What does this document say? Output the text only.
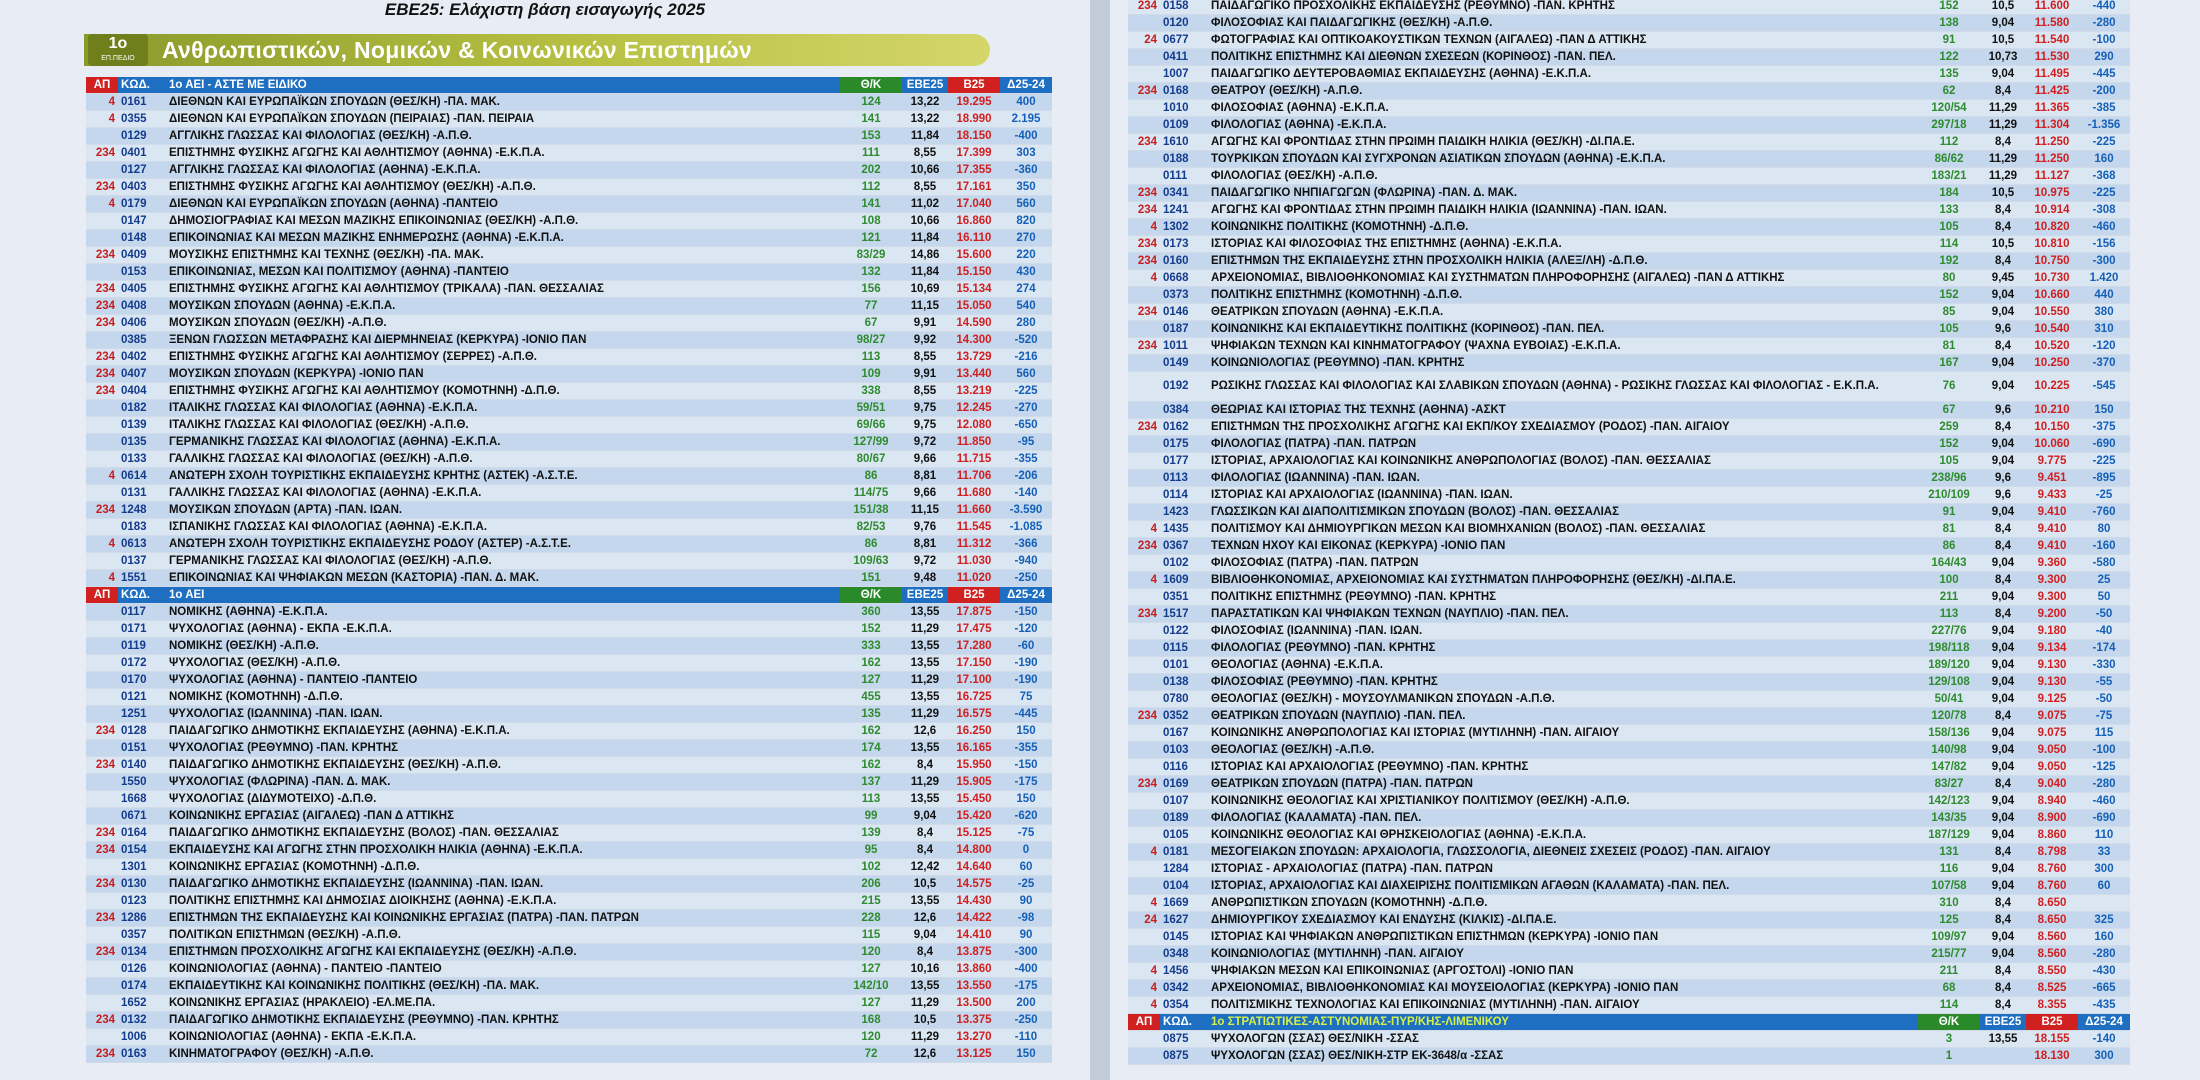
ΕΒΕ25: Ελάχιστη βάση εισαγωγής 2025
Ανθρωπιστικών, Νομικών & Κοινωνικών Επιστημών
1ο
ΕΠ.ΠΕΔΙΟ
ΑΠ	ΚΩΔ.	1ο ΑΕΙ - ΑΣΤΕ ΜΕ ΕΙΔΙΚΟ	Θ/Κ	ΕΒΕ25	Β25	Δ25-24
4	0161	ΔΙΕΘΝΩΝ ΚΑΙ ΕΥΡΩΠΑΪΚΩΝ ΣΠΟΥΔΩΝ (ΘΕΣ/ΚΗ) -ΠΑ. ΜΑΚ.	124	13,22	19.295	400
4	0355	ΔΙΕΘΝΩΝ ΚΑΙ ΕΥΡΩΠΑΪΚΩΝ ΣΠΟΥΔΩΝ (ΠΕΙΡΑΙΑΣ) -ΠΑΝ. ΠΕΙΡΑΙΑ	141	13,22	18.990	2.195
	0129	ΑΓΓΛΙΚΗΣ ΓΛΩΣΣΑΣ ΚΑΙ ΦΙΛΟΛΟΓΙΑΣ (ΘΕΣ/ΚΗ) -Α.Π.Θ.	153	11,84	18.150	-400
234	0401	ΕΠΙΣΤΗΜΗΣ ΦΥΣΙΚΗΣ ΑΓΩΓΗΣ ΚΑΙ ΑΘΛΗΤΙΣΜΟΥ (ΑΘΗΝΑ) -Ε.Κ.Π.Α.	111	8,55	17.399	303
	0127	ΑΓΓΛΙΚΗΣ ΓΛΩΣΣΑΣ ΚΑΙ ΦΙΛΟΛΟΓΙΑΣ (ΑΘΗΝΑ) -Ε.Κ.Π.Α.	202	10,66	17.355	-360
234	0403	ΕΠΙΣΤΗΜΗΣ ΦΥΣΙΚΗΣ ΑΓΩΓΗΣ ΚΑΙ ΑΘΛΗΤΙΣΜΟΥ (ΘΕΣ/ΚΗ) -Α.Π.Θ.	112	8,55	17.161	350
4	0179	ΔΙΕΘΝΩΝ ΚΑΙ ΕΥΡΩΠΑΪΚΩΝ ΣΠΟΥΔΩΝ (ΑΘΗΝΑ) -ΠΑΝΤΕΙΟ	141	11,02	17.040	560
	0147	ΔΗΜΟΣΙΟΓΡΑΦΙΑΣ ΚΑΙ ΜΕΣΩΝ ΜΑΖΙΚΗΣ ΕΠΙΚΟΙΝΩΝΙΑΣ (ΘΕΣ/ΚΗ) -Α.Π.Θ.	108	10,66	16.860	820
	0148	ΕΠΙΚΟΙΝΩΝΙΑΣ ΚΑΙ ΜΕΣΩΝ ΜΑΖΙΚΗΣ ΕΝΗΜΕΡΩΣΗΣ (ΑΘΗΝΑ) -Ε.Κ.Π.Α.	121	11,84	16.110	270
234	0409	ΜΟΥΣΙΚΗΣ ΕΠΙΣΤΗΜΗΣ ΚΑΙ ΤΕΧΝΗΣ (ΘΕΣ/ΚΗ) -ΠΑ. ΜΑΚ.	83/29	14,86	15.600	220
	0153	ΕΠΙΚΟΙΝΩΝΙΑΣ, ΜΕΣΩΝ ΚΑΙ ΠΟΛΙΤΙΣΜΟΥ (ΑΘΗΝΑ) -ΠΑΝΤΕΙΟ	132	11,84	15.150	430
234	0405	ΕΠΙΣΤΗΜΗΣ ΦΥΣΙΚΗΣ ΑΓΩΓΗΣ ΚΑΙ ΑΘΛΗΤΙΣΜΟΥ (ΤΡΙΚΑΛΑ) -ΠΑΝ. ΘΕΣΣΑΛΙΑΣ	156	10,69	15.134	274
234	0408	ΜΟΥΣΙΚΩΝ ΣΠΟΥΔΩΝ (ΑΘΗΝΑ) -Ε.Κ.Π.Α.	77	11,15	15.050	540
234	0406	ΜΟΥΣΙΚΩΝ ΣΠΟΥΔΩΝ (ΘΕΣ/ΚΗ) -Α.Π.Θ.	67	9,91	14.590	280
	0385	ΞΕΝΩΝ ΓΛΩΣΣΩΝ ΜΕΤΑΦΡΑΣΗΣ ΚΑΙ ΔΙΕΡΜΗΝΕΙΑΣ (ΚΕΡΚΥΡΑ) -ΙΟΝΙΟ ΠΑΝ	98/27	9,92	14.300	-520
234	0402	ΕΠΙΣΤΗΜΗΣ ΦΥΣΙΚΗΣ ΑΓΩΓΗΣ ΚΑΙ ΑΘΛΗΤΙΣΜΟΥ (ΣΕΡΡΕΣ) -Α.Π.Θ.	113	8,55	13.729	-216
234	0407	ΜΟΥΣΙΚΩΝ ΣΠΟΥΔΩΝ (ΚΕΡΚΥΡΑ) -ΙΟΝΙΟ ΠΑΝ	109	9,91	13.440	560
234	0404	ΕΠΙΣΤΗΜΗΣ ΦΥΣΙΚΗΣ ΑΓΩΓΗΣ ΚΑΙ ΑΘΛΗΤΙΣΜΟΥ (ΚΟΜΟΤΗΝΗ) -Δ.Π.Θ.	338	8,55	13.219	-225
	0182	ΙΤΑΛΙΚΗΣ ΓΛΩΣΣΑΣ ΚΑΙ ΦΙΛΟΛΟΓΙΑΣ (ΑΘΗΝΑ) -Ε.Κ.Π.Α.	59/51	9,75	12.245	-270
	0139	ΙΤΑΛΙΚΗΣ ΓΛΩΣΣΑΣ ΚΑΙ ΦΙΛΟΛΟΓΙΑΣ (ΘΕΣ/ΚΗ) -Α.Π.Θ.	69/66	9,75	12.080	-650
	0135	ΓΕΡΜΑΝΙΚΗΣ ΓΛΩΣΣΑΣ ΚΑΙ ΦΙΛΟΛΟΓΙΑΣ (ΑΘΗΝΑ) -Ε.Κ.Π.Α.	127/99	9,72	11.850	-95
	0133	ΓΑΛΛΙΚΗΣ ΓΛΩΣΣΑΣ ΚΑΙ ΦΙΛΟΛΟΓΙΑΣ (ΘΕΣ/ΚΗ) -Α.Π.Θ.	80/67	9,66	11.715	-355
4	0614	ΑΝΩΤΕΡΗ ΣΧΟΛΗ ΤΟΥΡΙΣΤΙΚΗΣ ΕΚΠΑΙΔΕΥΣΗΣ ΚΡΗΤΗΣ (ΑΣΤΕΚ) -Α.Σ.Τ.Ε.	86	8,81	11.706	-206
	0131	ΓΑΛΛΙΚΗΣ ΓΛΩΣΣΑΣ ΚΑΙ ΦΙΛΟΛΟΓΙΑΣ (ΑΘΗΝΑ) -Ε.Κ.Π.Α.	114/75	9,66	11.680	-140
234	1248	ΜΟΥΣΙΚΩΝ ΣΠΟΥΔΩΝ (ΑΡΤΑ) -ΠΑΝ. ΙΩΑΝ.	151/38	11,15	11.660	-3.590
	0183	ΙΣΠΑΝΙΚΗΣ ΓΛΩΣΣΑΣ ΚΑΙ ΦΙΛΟΛΟΓΙΑΣ (ΑΘΗΝΑ) -Ε.Κ.Π.Α.	82/53	9,76	11.545	-1.085
4	0613	ΑΝΩΤΕΡΗ ΣΧΟΛΗ ΤΟΥΡΙΣΤΙΚΗΣ ΕΚΠΑΙΔΕΥΣΗΣ ΡΟΔΟΥ (ΑΣΤΕΡ) -Α.Σ.Τ.Ε.	86	8,81	11.312	-366
	0137	ΓΕΡΜΑΝΙΚΗΣ ΓΛΩΣΣΑΣ ΚΑΙ ΦΙΛΟΛΟΓΙΑΣ (ΘΕΣ/ΚΗ) -Α.Π.Θ.	109/63	9,72	11.030	-940
4	1551	ΕΠΙΚΟΙΝΩΝΙΑΣ ΚΑΙ ΨΗΦΙΑΚΩΝ ΜΕΣΩΝ (ΚΑΣΤΟΡΙΑ) -ΠΑΝ. Δ. ΜΑΚ.	151	9,48	11.020	-250
ΑΠ	ΚΩΔ.	1ο ΑΕΙ	Θ/Κ	ΕΒΕ25	Β25	Δ25-24
	0117	ΝΟΜΙΚΗΣ (ΑΘΗΝΑ) -Ε.Κ.Π.Α.	360	13,55	17.875	-150
	0171	ΨΥΧΟΛΟΓΙΑΣ (ΑΘΗΝΑ) - ΕΚΠΑ -Ε.Κ.Π.Α.	152	11,29	17.475	-120
	0119	ΝΟΜΙΚΗΣ (ΘΕΣ/ΚΗ) -Α.Π.Θ.	333	13,55	17.280	-60
	0172	ΨΥΧΟΛΟΓΙΑΣ (ΘΕΣ/ΚΗ) -Α.Π.Θ.	162	13,55	17.150	-190
	0170	ΨΥΧΟΛΟΓΙΑΣ (ΑΘΗΝΑ) - ΠΑΝΤΕΙΟ -ΠΑΝΤΕΙΟ	127	11,29	17.100	-190
	0121	ΝΟΜΙΚΗΣ (ΚΟΜΟΤΗΝΗ) -Δ.Π.Θ.	455	13,55	16.725	75
	1251	ΨΥΧΟΛΟΓΙΑΣ (ΙΩΑΝΝΙΝΑ) -ΠΑΝ. ΙΩΑΝ.	135	11,29	16.575	-445
234	0128	ΠΑΙΔΑΓΩΓΙΚΟ ΔΗΜΟΤΙΚΗΣ ΕΚΠΑΙΔΕΥΣΗΣ (ΑΘΗΝΑ) -Ε.Κ.Π.Α.	162	12,6	16.250	150
	0151	ΨΥΧΟΛΟΓΙΑΣ (ΡΕΘΥΜΝΟ) -ΠΑΝ. ΚΡΗΤΗΣ	174	13,55	16.165	-355
234	0140	ΠΑΙΔΑΓΩΓΙΚΟ ΔΗΜΟΤΙΚΗΣ ΕΚΠΑΙΔΕΥΣΗΣ (ΘΕΣ/ΚΗ) -Α.Π.Θ.	162	8,4	15.950	-150
	1550	ΨΥΧΟΛΟΓΙΑΣ (ΦΛΩΡΙΝΑ) -ΠΑΝ. Δ. ΜΑΚ.	137	11,29	15.905	-175
	1668	ΨΥΧΟΛΟΓΙΑΣ (ΔΙΔΥΜΟΤΕΙΧΟ) -Δ.Π.Θ.	113	13,55	15.450	150
	0671	ΚΟΙΝΩΝΙΚΗΣ ΕΡΓΑΣΙΑΣ (ΑΙΓΑΛΕΩ) -ΠΑΝ Δ ΑΤΤΙΚΗΣ	99	9,04	15.420	-620
234	0164	ΠΑΙΔΑΓΩΓΙΚΟ ΔΗΜΟΤΙΚΗΣ ΕΚΠΑΙΔΕΥΣΗΣ (ΒΟΛΟΣ) -ΠΑΝ. ΘΕΣΣΑΛΙΑΣ	139	8,4	15.125	-75
234	0154	ΕΚΠΑΙΔΕΥΣΗΣ ΚΑΙ ΑΓΩΓΗΣ ΣΤΗΝ ΠΡΟΣΧΟΛΙΚΗ ΗΛΙΚΙΑ (ΑΘΗΝΑ) -Ε.Κ.Π.Α.	95	8,4	14.800	0
	1301	ΚΟΙΝΩΝΙΚΗΣ ΕΡΓΑΣΙΑΣ (ΚΟΜΟΤΗΝΗ) -Δ.Π.Θ.	102	12,42	14.640	60
234	0130	ΠΑΙΔΑΓΩΓΙΚΟ ΔΗΜΟΤΙΚΗΣ ΕΚΠΑΙΔΕΥΣΗΣ (ΙΩΑΝΝΙΝΑ) -ΠΑΝ. ΙΩΑΝ.	206	10,5	14.575	-25
	0123	ΠΟΛΙΤΙΚΗΣ ΕΠΙΣΤΗΜΗΣ ΚΑΙ ΔΗΜΟΣΙΑΣ ΔΙΟΙΚΗΣΗΣ (ΑΘΗΝΑ) -Ε.Κ.Π.Α.	215	13,55	14.430	90
234	1286	ΕΠΙΣΤΗΜΩΝ ΤΗΣ ΕΚΠΑΙΔΕΥΣΗΣ ΚΑΙ ΚΟΙΝΩΝΙΚΗΣ ΕΡΓΑΣΙΑΣ (ΠΑΤΡΑ) -ΠΑΝ. ΠΑΤΡΩΝ	228	12,6	14.422	-98
	0357	ΠΟΛΙΤΙΚΩΝ ΕΠΙΣΤΗΜΩΝ (ΘΕΣ/ΚΗ) -Α.Π.Θ.	115	9,04	14.410	90
234	0134	ΕΠΙΣΤΗΜΩΝ ΠΡΟΣΧΟΛΙΚΗΣ ΑΓΩΓΗΣ ΚΑΙ ΕΚΠΑΙΔΕΥΣΗΣ (ΘΕΣ/ΚΗ) -Α.Π.Θ.	120	8,4	13.875	-300
	0126	ΚΟΙΝΩΝΙΟΛΟΓΙΑΣ (ΑΘΗΝΑ) - ΠΑΝΤΕΙΟ -ΠΑΝΤΕΙΟ	127	10,16	13.860	-400
	0174	ΕΚΠΑΙΔΕΥΤΙΚΗΣ ΚΑΙ ΚΟΙΝΩΝΙΚΗΣ ΠΟΛΙΤΙΚΗΣ (ΘΕΣ/ΚΗ) -ΠΑ. ΜΑΚ.	142/10	13,55	13.550	-175
	1652	ΚΟΙΝΩΝΙΚΗΣ ΕΡΓΑΣΙΑΣ (ΗΡΑΚΛΕΙΟ) -ΕΛ.ΜΕ.ΠΑ.	127	11,29	13.500	200
234	0132	ΠΑΙΔΑΓΩΓΙΚΟ ΔΗΜΟΤΙΚΗΣ ΕΚΠΑΙΔΕΥΣΗΣ (ΡΕΘΥΜΝΟ) -ΠΑΝ. ΚΡΗΤΗΣ	168	10,5	13.375	-250
	1006	ΚΟΙΝΩΝΙΟΛΟΓΙΑΣ (ΑΘΗΝΑ) - ΕΚΠΑ -Ε.Κ.Π.Α.	120	11,29	13.270	-110
234	0163	ΚΙΝΗΜΑΤΟΓΡΑΦΟΥ (ΘΕΣ/ΚΗ) -Α.Π.Θ.	72	12,6	13.125	150
234	0158	ΠΑΙΔΑΓΩΓΙΚΟ ΠΡΟΣΧΟΛΙΚΗΣ ΕΚΠΑΙΔΕΥΣΗΣ (ΡΕΘΥΜΝΟ) -ΠΑΝ. ΚΡΗΤΗΣ	152	10,5	11.600	-440
	0120	ΦΙΛΟΣΟΦΙΑΣ ΚΑΙ ΠΑΙΔΑΓΩΓΙΚΗΣ (ΘΕΣ/ΚΗ) -Α.Π.Θ.	138	9,04	11.580	-280
24	0677	ΦΩΤΟΓΡΑΦΙΑΣ ΚΑΙ ΟΠΤΙΚΟΑΚΟΥΣΤΙΚΩΝ ΤΕΧΝΩΝ (ΑΙΓΑΛΕΩ) -ΠΑΝ Δ ΑΤΤΙΚΗΣ	91	10,5	11.540	-100
	0411	ΠΟΛΙΤΙΚΗΣ ΕΠΙΣΤΗΜΗΣ ΚΑΙ ΔΙΕΘΝΩΝ ΣΧΕΣΕΩΝ (ΚΟΡΙΝΘΟΣ) -ΠΑΝ. ΠΕΛ.	122	10,73	11.530	290
	1007	ΠΑΙΔΑΓΩΓΙΚΟ ΔΕΥΤΕΡΟΒΑΘΜΙΑΣ ΕΚΠΑΙΔΕΥΣΗΣ (ΑΘΗΝΑ) -Ε.Κ.Π.Α.	135	9,04	11.495	-445
234	0168	ΘΕΑΤΡΟΥ (ΘΕΣ/ΚΗ) -Α.Π.Θ.	62	8,4	11.425	-200
	1010	ΦΙΛΟΣΟΦΙΑΣ (ΑΘΗΝΑ) -Ε.Κ.Π.Α.	120/54	11,29	11.365	-385
	0109	ΦΙΛΟΛΟΓΙΑΣ (ΑΘΗΝΑ) -Ε.Κ.Π.Α.	297/18	11,29	11.304	-1.356
234	1610	ΑΓΩΓΗΣ ΚΑΙ ΦΡΟΝΤΙΔΑΣ ΣΤΗΝ ΠΡΩΙΜΗ ΠΑΙΔΙΚΗ ΗΛΙΚΙΑ (ΘΕΣ/ΚΗ) -ΔΙ.ΠΑ.Ε.	112	8,4	11.250	-225
	0188	ΤΟΥΡΚΙΚΩΝ ΣΠΟΥΔΩΝ ΚΑΙ ΣΥΓΧΡΟΝΩΝ ΑΣΙΑΤΙΚΩΝ ΣΠΟΥΔΩΝ (ΑΘΗΝΑ) -Ε.Κ.Π.Α.	86/62	11,29	11.250	160
	0111	ΦΙΛΟΛΟΓΙΑΣ (ΘΕΣ/ΚΗ) -Α.Π.Θ.	183/21	11,29	11.127	-368
234	0341	ΠΑΙΔΑΓΩΓΙΚΟ ΝΗΠΙΑΓΩΓΩΝ (ΦΛΩΡΙΝΑ) -ΠΑΝ. Δ. ΜΑΚ.	184	10,5	10.975	-225
234	1241	ΑΓΩΓΗΣ ΚΑΙ ΦΡΟΝΤΙΔΑΣ ΣΤΗΝ ΠΡΩΙΜΗ ΠΑΙΔΙΚΗ ΗΛΙΚΙΑ (ΙΩΑΝΝΙΝΑ) -ΠΑΝ. ΙΩΑΝ.	133	8,4	10.914	-308
4	1302	ΚΟΙΝΩΝΙΚΗΣ ΠΟΛΙΤΙΚΗΣ (ΚΟΜΟΤΗΝΗ) -Δ.Π.Θ.	105	8,4	10.820	-460
234	0173	ΙΣΤΟΡΙΑΣ ΚΑΙ ΦΙΛΟΣΟΦΙΑΣ ΤΗΣ ΕΠΙΣΤΗΜΗΣ (ΑΘΗΝΑ) -Ε.Κ.Π.Α.	114	10,5	10.810	-156
234	0160	ΕΠΙΣΤΗΜΩΝ ΤΗΣ ΕΚΠΑΙΔΕΥΣΗΣ ΣΤΗΝ ΠΡΟΣΧΟΛΙΚΗ ΗΛΙΚΙΑ (ΑΛΕΞ/ΛΗ) -Δ.Π.Θ.	192	8,4	10.750	-300
4	0668	ΑΡΧΕΙΟΝΟΜΙΑΣ, ΒΙΒΛΙΟΘΗΚΟΝΟΜΙΑΣ ΚΑΙ ΣΥΣΤΗΜΑΤΩΝ ΠΛΗΡΟΦΟΡΗΣΗΣ (ΑΙΓΑΛΕΩ) -ΠΑΝ Δ ΑΤΤΙΚΗΣ	80	9,45	10.730	1.420
	0373	ΠΟΛΙΤΙΚΗΣ ΕΠΙΣΤΗΜΗΣ (ΚΟΜΟΤΗΝΗ) -Δ.Π.Θ.	152	9,04	10.660	440
234	0146	ΘΕΑΤΡΙΚΩΝ ΣΠΟΥΔΩΝ (ΑΘΗΝΑ) -Ε.Κ.Π.Α.	85	9,04	10.550	380
	0187	ΚΟΙΝΩΝΙΚΗΣ ΚΑΙ ΕΚΠΑΙΔΕΥΤΙΚΗΣ ΠΟΛΙΤΙΚΗΣ (ΚΟΡΙΝΘΟΣ) -ΠΑΝ. ΠΕΛ.	105	9,6	10.540	310
234	1011	ΨΗΦΙΑΚΩΝ ΤΕΧΝΩΝ ΚΑΙ ΚΙΝΗΜΑΤΟΓΡΑΦΟΥ (ΨΑΧΝΑ ΕΥΒΟΙΑΣ) -Ε.Κ.Π.Α.	81	8,4	10.520	-120
	0149	ΚΟΙΝΩΝΙΟΛΟΓΙΑΣ (ΡΕΘΥΜΝΟ) -ΠΑΝ. ΚΡΗΤΗΣ	167	9,04	10.250	-370
	0192	ΡΩΣΙΚΗΣ ΓΛΩΣΣΑΣ ΚΑΙ ΦΙΛΟΛΟΓΙΑΣ ΚΑΙ ΣΛΑΒΙΚΩΝ ΣΠΟΥΔΩΝ (ΑΘΗΝΑ) - ΡΩΣΙΚΗΣ ΓΛΩΣΣΑΣ ΚΑΙ ΦΙΛΟΛΟΓΙΑΣ - Ε.Κ.Π.Α.	76	9,04	10.225	-545
	0384	ΘΕΩΡΙΑΣ ΚΑΙ ΙΣΤΟΡΙΑΣ ΤΗΣ ΤΕΧΝΗΣ (ΑΘΗΝΑ) -ΑΣΚΤ	67	9,6	10.210	150
234	0162	ΕΠΙΣΤΗΜΩΝ ΤΗΣ ΠΡΟΣΧΟΛΙΚΗΣ ΑΓΩΓΗΣ ΚΑΙ ΕΚΠ/ΚΟΥ ΣΧΕΔΙΑΣΜΟΥ (ΡΟΔΟΣ) -ΠΑΝ. ΑΙΓΑΙΟΥ	259	8,4	10.150	-375
	0175	ΦΙΛΟΛΟΓΙΑΣ (ΠΑΤΡΑ) -ΠΑΝ. ΠΑΤΡΩΝ	152	9,04	10.060	-690
	0177	ΙΣΤΟΡΙΑΣ, ΑΡΧΑΙΟΛΟΓΙΑΣ ΚΑΙ ΚΟΙΝΩΝΙΚΗΣ ΑΝΘΡΩΠΟΛΟΓΙΑΣ (ΒΟΛΟΣ) -ΠΑΝ. ΘΕΣΣΑΛΙΑΣ	105	9,04	9.775	-225
	0113	ΦΙΛΟΛΟΓΙΑΣ (ΙΩΑΝΝΙΝΑ) -ΠΑΝ. ΙΩΑΝ.	238/96	9,6	9.451	-895
	0114	ΙΣΤΟΡΙΑΣ ΚΑΙ ΑΡΧΑΙΟΛΟΓΙΑΣ (ΙΩΑΝΝΙΝΑ) -ΠΑΝ. ΙΩΑΝ.	210/109	9,6	9.433	-25
	1423	ΓΛΩΣΣΙΚΩΝ ΚΑΙ ΔΙΑΠΟΛΙΤΙΣΜΙΚΩΝ ΣΠΟΥΔΩΝ (ΒΟΛΟΣ) -ΠΑΝ. ΘΕΣΣΑΛΙΑΣ	91	9,04	9.410	-760
4	1435	ΠΟΛΙΤΙΣΜΟΥ ΚΑΙ ΔΗΜΙΟΥΡΓΙΚΩΝ ΜΕΣΩΝ ΚΑΙ ΒΙΟΜΗΧΑΝΙΩΝ (ΒΟΛΟΣ) -ΠΑΝ. ΘΕΣΣΑΛΙΑΣ	81	8,4	9.410	80
234	0367	ΤΕΧΝΩΝ ΗΧΟΥ ΚΑΙ ΕΙΚΟΝΑΣ (ΚΕΡΚΥΡΑ) -ΙΟΝΙΟ ΠΑΝ	86	8,4	9.410	-160
	0102	ΦΙΛΟΣΟΦΙΑΣ (ΠΑΤΡΑ) -ΠΑΝ. ΠΑΤΡΩΝ	164/43	9,04	9.360	-580
4	1609	ΒΙΒΛΙΟΘΗΚΟΝΟΜΙΑΣ, ΑΡΧΕΙΟΝΟΜΙΑΣ ΚΑΙ ΣΥΣΤΗΜΑΤΩΝ ΠΛΗΡΟΦΟΡΗΣΗΣ (ΘΕΣ/ΚΗ) -ΔΙ.ΠΑ.Ε.	100	8,4	9.300	25
	0351	ΠΟΛΙΤΙΚΗΣ ΕΠΙΣΤΗΜΗΣ (ΡΕΘΥΜΝΟ) -ΠΑΝ. ΚΡΗΤΗΣ	211	9,04	9.300	50
234	1517	ΠΑΡΑΣΤΑΤΙΚΩΝ ΚΑΙ ΨΗΦΙΑΚΩΝ ΤΕΧΝΩΝ (ΝΑΥΠΛΙΟ) -ΠΑΝ. ΠΕΛ.	113	8,4	9.200	-50
	0122	ΦΙΛΟΣΟΦΙΑΣ (ΙΩΑΝΝΙΝΑ) -ΠΑΝ. ΙΩΑΝ.	227/76	9,04	9.180	-40
	0115	ΦΙΛΟΛΟΓΙΑΣ (ΡΕΘΥΜΝΟ) -ΠΑΝ. ΚΡΗΤΗΣ	198/118	9,04	9.134	-174
	0101	ΘΕΟΛΟΓΙΑΣ (ΑΘΗΝΑ) -Ε.Κ.Π.Α.	189/120	9,04	9.130	-330
	0138	ΦΙΛΟΣΟΦΙΑΣ (ΡΕΘΥΜΝΟ) -ΠΑΝ. ΚΡΗΤΗΣ	129/108	9,04	9.130	-55
	0780	ΘΕΟΛΟΓΙΑΣ (ΘΕΣ/ΚΗ) - ΜΟΥΣΟΥΛΜΑΝΙΚΩΝ ΣΠΟΥΔΩΝ -Α.Π.Θ.	50/41	9,04	9.125	-50
234	0352	ΘΕΑΤΡΙΚΩΝ ΣΠΟΥΔΩΝ (ΝΑΥΠΛΙΟ) -ΠΑΝ. ΠΕΛ.	120/78	8,4	9.075	-75
	0167	ΚΟΙΝΩΝΙΚΗΣ ΑΝΘΡΩΠΟΛΟΓΙΑΣ ΚΑΙ ΙΣΤΟΡΙΑΣ (ΜΥΤΙΛΗΝΗ) -ΠΑΝ. ΑΙΓΑΙΟΥ	158/136	9,04	9.075	115
	0103	ΘΕΟΛΟΓΙΑΣ (ΘΕΣ/ΚΗ) -Α.Π.Θ.	140/98	9,04	9.050	-100
	0116	ΙΣΤΟΡΙΑΣ ΚΑΙ ΑΡΧΑΙΟΛΟΓΙΑΣ (ΡΕΘΥΜΝΟ) -ΠΑΝ. ΚΡΗΤΗΣ	147/82	9,04	9.050	-125
234	0169	ΘΕΑΤΡΙΚΩΝ ΣΠΟΥΔΩΝ (ΠΑΤΡΑ) -ΠΑΝ. ΠΑΤΡΩΝ	83/27	8,4	9.040	-280
	0107	ΚΟΙΝΩΝΙΚΗΣ ΘΕΟΛΟΓΙΑΣ ΚΑΙ ΧΡΙΣΤΙΑΝΙΚΟΥ ΠΟΛΙΤΙΣΜΟΥ (ΘΕΣ/ΚΗ) -Α.Π.Θ.	142/123	9,04	8.940	-460
	0189	ΦΙΛΟΛΟΓΙΑΣ (ΚΑΛΑΜΑΤΑ) -ΠΑΝ. ΠΕΛ.	143/35	9,04	8.900	-690
	0105	ΚΟΙΝΩΝΙΚΗΣ ΘΕΟΛΟΓΙΑΣ ΚΑΙ ΘΡΗΣΚΕΙΟΛΟΓΙΑΣ (ΑΘΗΝΑ) -Ε.Κ.Π.Α.	187/129	9,04	8.860	110
4	0181	ΜΕΣΟΓΕΙΑΚΩΝ ΣΠΟΥΔΩΝ: ΑΡΧΑΙΟΛΟΓΙΑ, ΓΛΩΣΣΟΛΟΓΙΑ, ΔΙΕΘΝΕΙΣ ΣΧΕΣΕΙΣ (ΡΟΔΟΣ) -ΠΑΝ. ΑΙΓΑΙΟΥ	131	8,4	8.798	33
	1284	ΙΣΤΟΡΙΑΣ - ΑΡΧΑΙΟΛΟΓΙΑΣ (ΠΑΤΡΑ) -ΠΑΝ. ΠΑΤΡΩΝ	116	9,04	8.760	300
	0104	ΙΣΤΟΡΙΑΣ, ΑΡΧΑΙΟΛΟΓΙΑΣ ΚΑΙ ΔΙΑΧΕΙΡΙΣΗΣ ΠΟΛΙΤΙΣΜΙΚΩΝ ΑΓΑΘΩΝ (ΚΑΛΑΜΑΤΑ) -ΠΑΝ. ΠΕΛ.	107/58	9,04	8.760	60
4	1669	ΑΝΘΡΩΠΙΣΤΙΚΩΝ ΣΠΟΥΔΩΝ (ΚΟΜΟΤΗΝΗ) -Δ.Π.Θ.	310	8,4	8.650	
24	1627	ΔΗΜΙΟΥΡΓΙΚΟΥ ΣΧΕΔΙΑΣΜΟΥ ΚΑΙ ΕΝΔΥΣΗΣ (ΚΙΛΚΙΣ) -ΔΙ.ΠΑ.Ε.	125	8,4	8.650	325
	0145	ΙΣΤΟΡΙΑΣ ΚΑΙ ΨΗΦΙΑΚΩΝ ΑΝΘΡΩΠΙΣΤΙΚΩΝ ΕΠΙΣΤΗΜΩΝ (ΚΕΡΚΥΡΑ) -ΙΟΝΙΟ ΠΑΝ	109/97	9,04	8.560	160
	0348	ΚΟΙΝΩΝΙΟΛΟΓΙΑΣ (ΜΥΤΙΛΗΝΗ) -ΠΑΝ. ΑΙΓΑΙΟΥ	215/77	9,04	8.560	-280
4	1456	ΨΗΦΙΑΚΩΝ ΜΕΣΩΝ ΚΑΙ ΕΠΙΚΟΙΝΩΝΙΑΣ (ΑΡΓΟΣΤΟΛΙ) -ΙΟΝΙΟ ΠΑΝ	211	8,4	8.550	-430
4	0342	ΑΡΧΕΙΟΝΟΜΙΑΣ, ΒΙΒΛΙΟΘΗΚΟΝΟΜΙΑΣ ΚΑΙ ΜΟΥΣΕΙΟΛΟΓΙΑΣ (ΚΕΡΚΥΡΑ) -ΙΟΝΙΟ ΠΑΝ	68	8,4	8.525	-665
4	0354	ΠΟΛΙΤΙΣΜΙΚΗΣ ΤΕΧΝΟΛΟΓΙΑΣ ΚΑΙ ΕΠΙΚΟΙΝΩΝΙΑΣ (ΜΥΤΙΛΗΝΗ) -ΠΑΝ. ΑΙΓΑΙΟΥ	114	8,4	8.355	-435
ΑΠ	ΚΩΔ.	1ο ΣΤΡΑΤΙΩΤΙΚΕΣ-ΑΣΤΥΝΟΜΙΑΣ-ΠΥΡ/ΚΗΣ-ΛΙΜΕΝΙΚΟΥ	Θ/Κ	ΕΒΕ25	Β25	Δ25-24
	0875	ΨΥΧΟΛΟΓΩΝ (ΣΣΑΣ) ΘΕΣ/ΝΙΚΗ -ΣΣΑΣ	3	13,55	18.155	-140
	0875	ΨΥΧΟΛΟΓΩΝ (ΣΣΑΣ) ΘΕΣ/ΝΙΚΗ-ΣΤΡ ΕΚ-3648/α -ΣΣΑΣ	1		18.130	300
